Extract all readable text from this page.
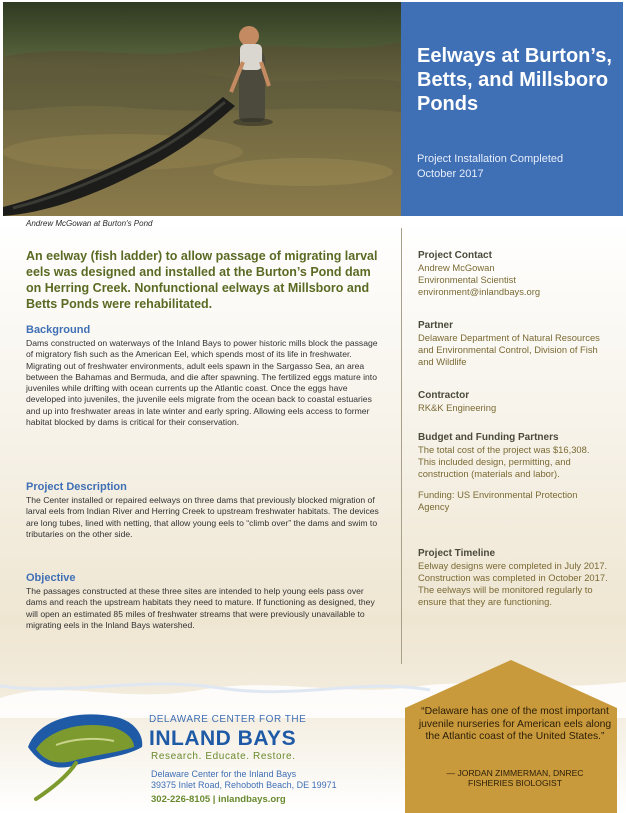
Andrew McGowan at Burton's Pond
Eelways at Burton’s, Betts, and Millsboro Ponds
Project Installation Completed
October 2017
An eelway (fish ladder) to allow passage of migrating larval eels was designed and installed at the Burton’s Pond dam on Herring Creek. Nonfunctional eelways at Millsboro and Betts Ponds were rehabilitated.
Background
Dams constructed on waterways of the Inland Bays to power historic mills block the passage of migratory fish such as the American Eel, which spends most of its life in freshwater. Migrating out of freshwater environments, adult eels spawn in the Sargasso Sea, an area between the Bahamas and Bermuda, and die after spawning. The fertilized eggs mature into juveniles while drifting with ocean currents up the Atlantic coast. Once the eggs have developed into juveniles, the juvenile eels migrate from the ocean back to coastal estuaries and up into freshwater areas in late winter and early spring. Allowing eels access to former habitat blocked by dams is critical for their conservation.
Project Description
The Center installed or repaired eelways on three dams that previously blocked migration of larval eels from Indian River and Herring Creek to upstream freshwater habitats. The devices are long tubes, lined with netting, that allow young eels to “climb over” the dams and swim to tributaries on the other side.
Objective
The passages constructed at these three sites are intended to help young eels pass over dams and reach the upstream habitats they need to mature. If functioning as designed, they will open an estimated 85 miles of freshwater streams that were previously unavailable to migrating eels in the Inland Bays watershed.
Project Contact
Andrew McGowan
Environmental Scientist
environment@inlandbays.org
Partner
Delaware Department of Natural Resources and Environmental Control, Division of Fish and Wildlife
Contractor
RK&K Engineering
Budget and Funding Partners
The total cost of the project was $16,308. This included design, permitting, and construction (materials and labor).
Funding: US Environmental Protection Agency
Project Timeline
Eelway designs were completed in July 2017. Construction was completed in October 2017. The eelways will be monitored regularly to ensure that they are functioning.
DELAWARE CENTER FOR THE
INLAND BAYS
Research. Educate. Restore.
Delaware Center for the Inland Bays
39375 Inlet Road, Rehoboth Beach, DE 19971
302-226-8105 | inlandbays.org
“Delaware has one of the most important juvenile nurseries for American eels along the Atlantic coast of the United States.”
— JORDAN ZIMMERMAN, DNREC
FISHERIES BIOLOGIST
